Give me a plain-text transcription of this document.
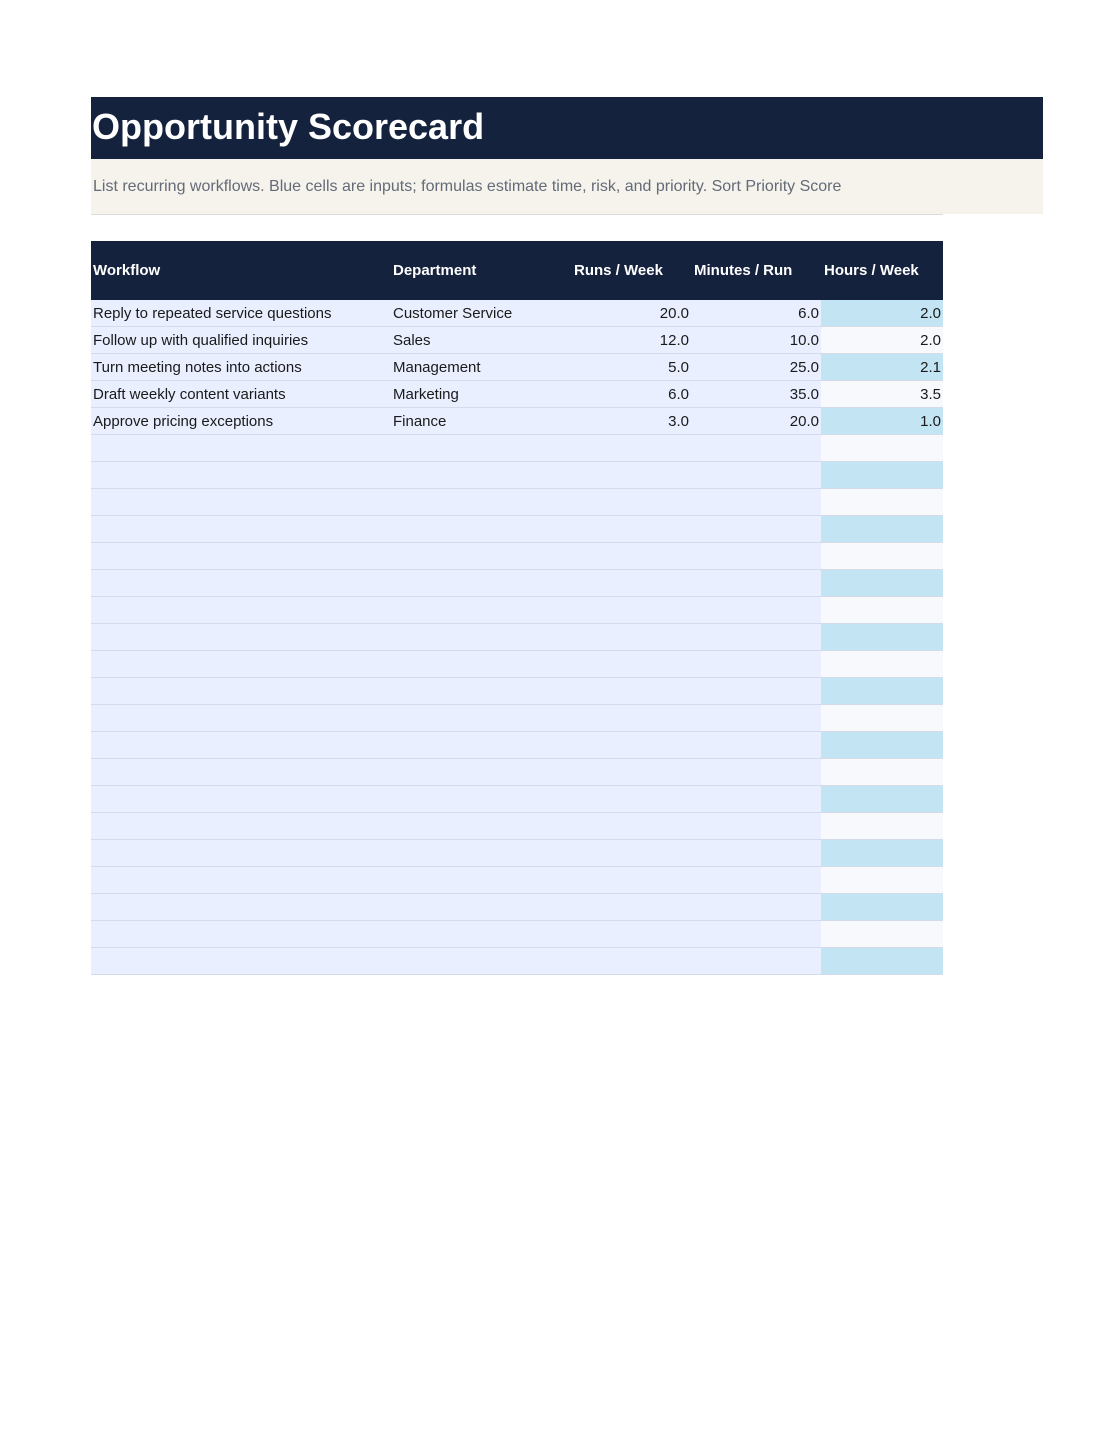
Opportunity Scorecard
List recurring workflows. Blue cells are inputs; formulas estimate time, risk, and priority. Sort Priority Score
Workflow	Department	Runs / Week	Minutes / Run	Hours / Week
Reply to repeated service questions	Customer Service	20.0	6.0	2.0
Follow up with qualified inquiries	Sales	12.0	10.0	2.0
Turn meeting notes into actions	Management	5.0	25.0	2.1
Draft weekly content variants	Marketing	6.0	35.0	3.5
Approve pricing exceptions	Finance	3.0	20.0	1.0
